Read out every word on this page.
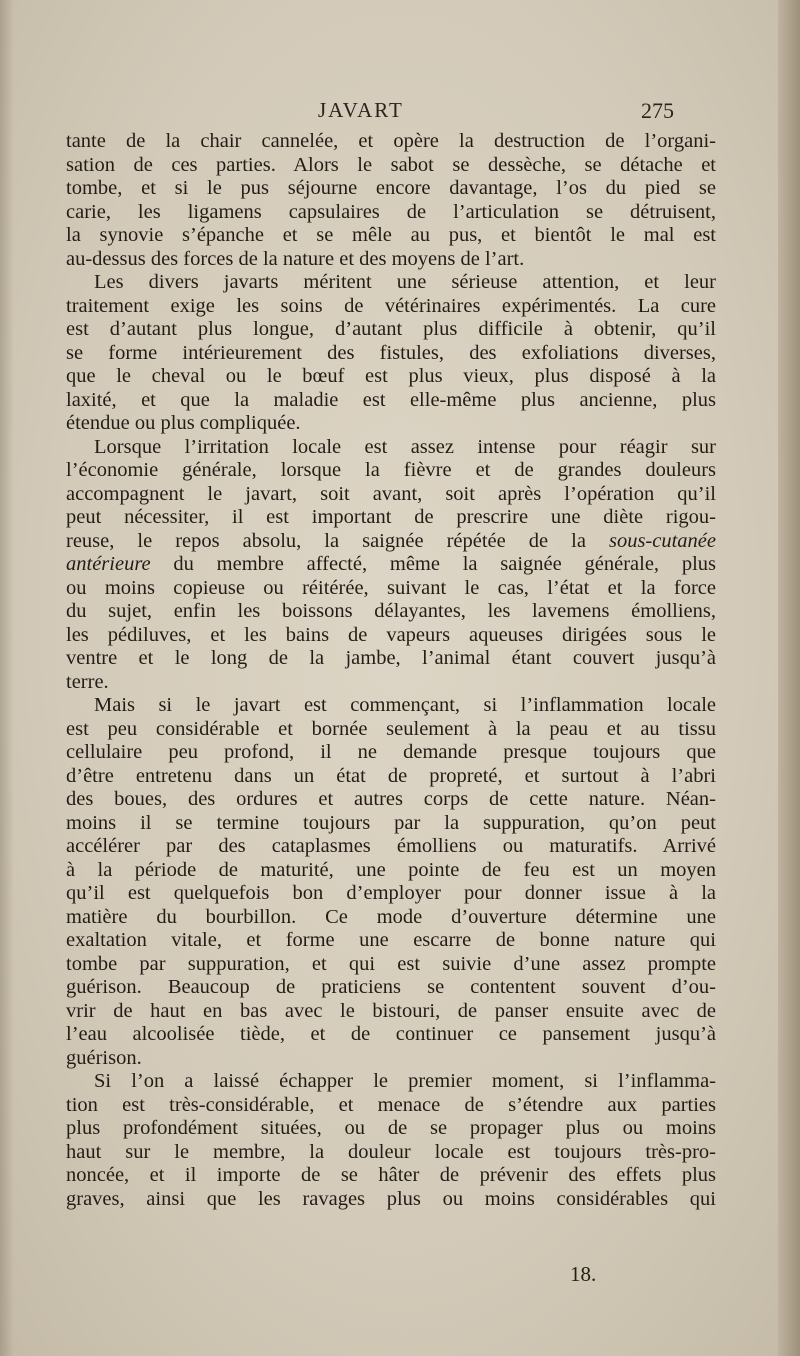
JAVART	275
tante de la chair cannelée, et opère la destruction de l’organi-
sation de ces parties. Alors le sabot se dessèche, se détache et
tombe, et si le pus séjourne encore davantage, l’os du pied se
carie, les ligamens capsulaires de l’articulation se détruisent,
la synovie s’épanche et se mêle au pus, et bientôt le mal est
au-dessus des forces de la nature et des moyens de l’art.
Les divers javarts méritent une sérieuse attention, et leur
traitement exige les soins de vétérinaires expérimentés. La cure
est d’autant plus longue, d’autant plus difficile à obtenir, qu’il
se forme intérieurement des fistules, des exfoliations diverses,
que le cheval ou le bœuf est plus vieux, plus disposé à la
laxité, et que la maladie est elle-même plus ancienne, plus
étendue ou plus compliquée.
Lorsque l’irritation locale est assez intense pour réagir sur
l’économie générale, lorsque la fièvre et de grandes douleurs
accompagnent le javart, soit avant, soit après l’opération qu’il
peut nécessiter, il est important de prescrire une diète rigou-
reuse, le repos absolu, la saignée répétée de la sous-cutanée
antérieure du membre affecté, même la saignée générale, plus
ou moins copieuse ou réitérée, suivant le cas, l’état et la force
du sujet, enfin les boissons délayantes, les lavemens émolliens,
les pédiluves, et les bains de vapeurs aqueuses dirigées sous le
ventre et le long de la jambe, l’animal étant couvert jusqu’à
terre.
Mais si le javart est commençant, si l’inflammation locale
est peu considérable et bornée seulement à la peau et au tissu
cellulaire peu profond, il ne demande presque toujours que
d’être entretenu dans un état de propreté, et surtout à l’abri
des boues, des ordures et autres corps de cette nature. Néan-
moins il se termine toujours par la suppuration, qu’on peut
accélérer par des cataplasmes émolliens ou maturatifs. Arrivé
à la période de maturité, une pointe de feu est un moyen
qu’il est quelquefois bon d’employer pour donner issue à la
matière du bourbillon. Ce mode d’ouverture détermine une
exaltation vitale, et forme une escarre de bonne nature qui
tombe par suppuration, et qui est suivie d’une assez prompte
guérison. Beaucoup de praticiens se contentent souvent d’ou-
vrir de haut en bas avec le bistouri, de panser ensuite avec de
l’eau alcoolisée tiède, et de continuer ce pansement jusqu’à
guérison.
Si l’on a laissé échapper le premier moment, si l’inflamma-
tion est très-considérable, et menace de s’étendre aux parties
plus profondément situées, ou de se propager plus ou moins
haut sur le membre, la douleur locale est toujours très-pro-
noncée, et il importe de se hâter de prévenir des effets plus
graves, ainsi que les ravages plus ou moins considérables qui
18.
